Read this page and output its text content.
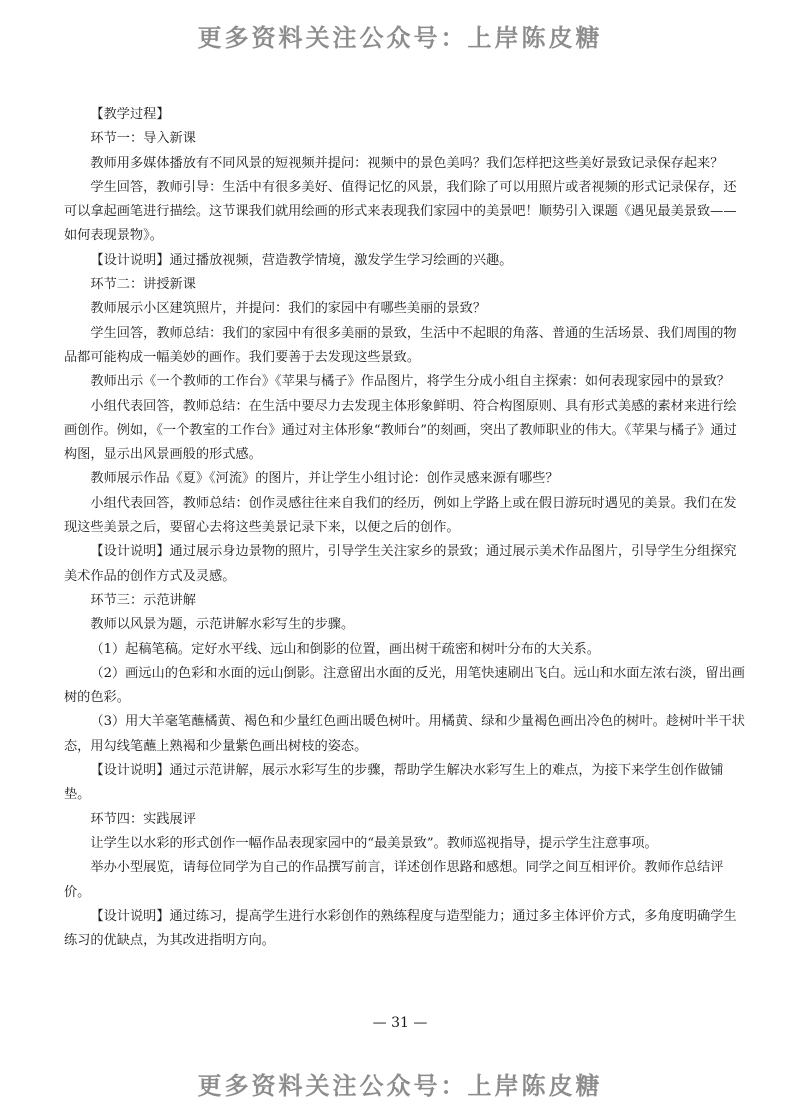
更多资料关注公众号：上岸陈皮糖

【教学过程】

环节一：导入新课

教师用多媒体播放有不同风景的短视频并提问：视频中的景色美吗？我们怎样把这些美好景致记录保存起来？

学生回答，教师引导：生活中有很多美好、值得记忆的风景，我们除了可以用照片或者视频的形式记录保存，还可以拿起画笔进行描绘。这节课我们就用绘画的形式来表现我们家园中的美景吧！顺势引入课题《遇见最美景致——如何表现景物》。

【设计说明】通过播放视频，营造教学情境，激发学生学习绘画的兴趣。

环节二：讲授新课

教师展示小区建筑照片，并提问：我们的家园中有哪些美丽的景致？

学生回答，教师总结：我们的家园中有很多美丽的景致，生活中不起眼的角落、普通的生活场景、我们周围的物品都可能构成一幅美妙的画作。我们要善于去发现这些景致。

教师出示《一个教师的工作台》《苹果与橘子》作品图片，将学生分成小组自主探索：如何表现家园中的景致？

小组代表回答，教师总结：在生活中要尽力去发现主体形象鲜明、符合构图原则、具有形式美感的素材来进行绘画创作。例如，《一个教室的工作台》通过对主体形象“教师台”的刻画，突出了教师职业的伟大。《苹果与橘子》通过构图，显示出风景画般的形式感。

教师展示作品《夏》《河流》的图片，并让学生小组讨论：创作灵感来源有哪些？

小组代表回答，教师总结：创作灵感往往来自我们的经历，例如上学路上或在假日游玩时遇见的美景。我们在发现这些美景之后，要留心去将这些美景记录下来，以便之后的创作。

【设计说明】通过展示身边景物的照片，引导学生关注家乡的景致；通过展示美术作品图片，引导学生分组探究美术作品的创作方式及灵感。

环节三：示范讲解

教师以风景为题，示范讲解水彩写生的步骤。

（1）起稿笔稿。定好水平线、远山和倒影的位置，画出树干疏密和树叶分布的大关系。

（2）画远山的色彩和水面的远山倒影。注意留出水面的反光，用笔快速刷出飞白。远山和水面左浓右淡，留出画树的色彩。

（3）用大羊毫笔蘸橘黄、褐色和少量红色画出暖色树叶。用橘黄、绿和少量褐色画出冷色的树叶。趁树叶半干状态，用勾线笔蘸上熟褐和少量紫色画出树枝的姿态。

【设计说明】通过示范讲解，展示水彩写生的步骤，帮助学生解决水彩写生上的难点，为接下来学生创作做铺垫。

环节四：实践展评

让学生以水彩的形式创作一幅作品表现家园中的“最美景致”。教师巡视指导，提示学生注意事项。

举办小型展览，请每位同学为自己的作品撰写前言，详述创作思路和感想。同学之间互相评价。教师作总结评价。

【设计说明】通过练习，提高学生进行水彩创作的熟练程度与造型能力；通过多主体评价方式，多角度明确学生练习的优缺点，为其改进指明方向。

— 31 —
更多资料关注公众号：上岸陈皮糖
